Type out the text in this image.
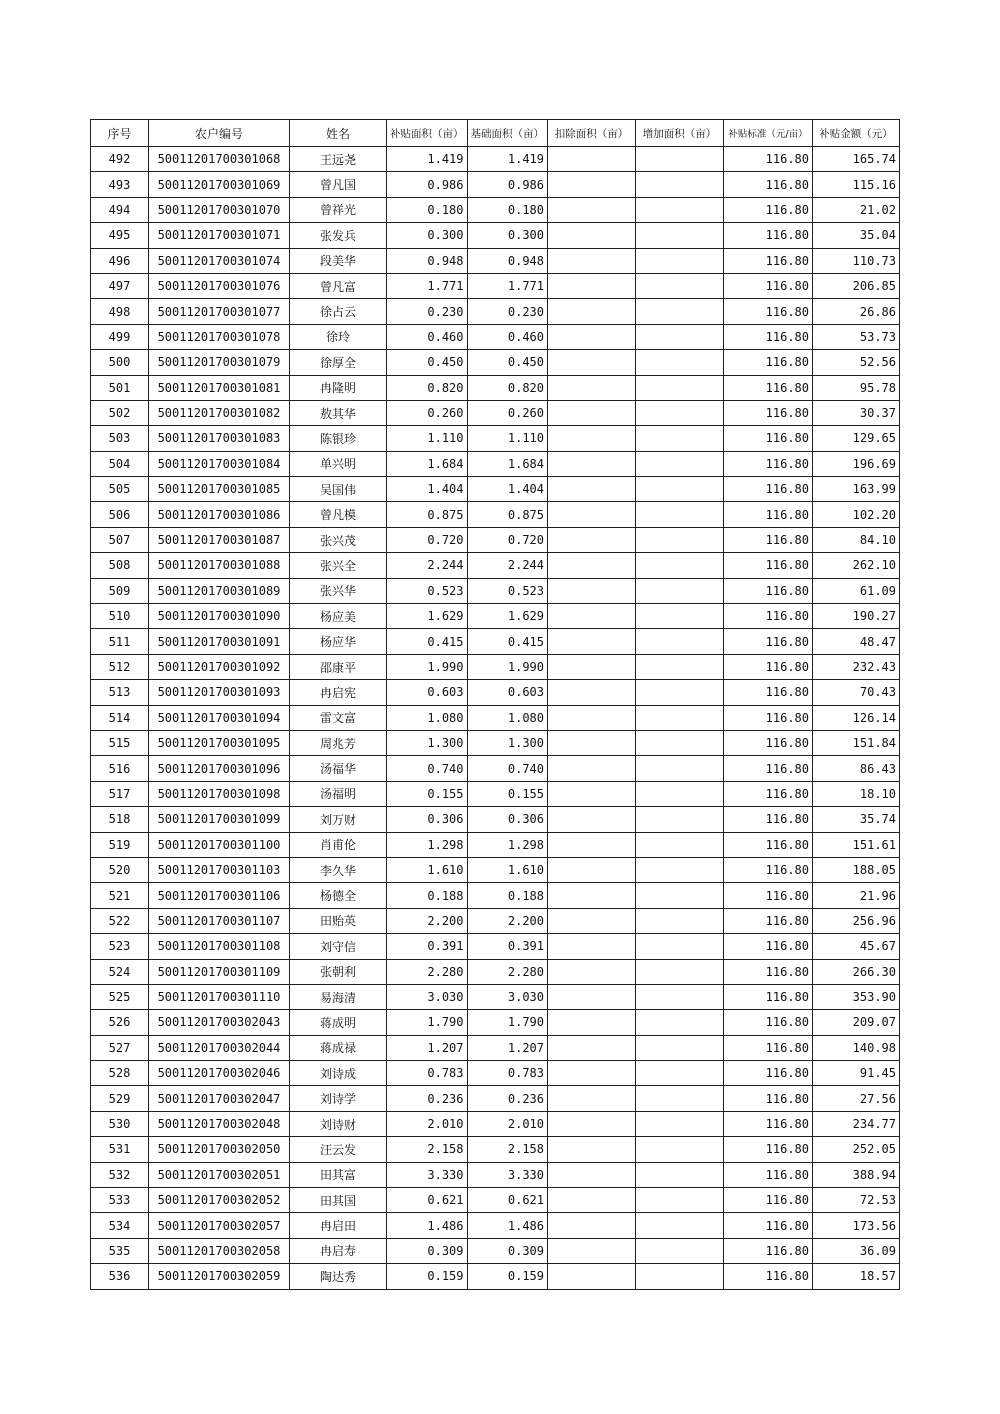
序号	农户编号	姓名	补贴面积（亩）	基础面积（亩）	扣除面积（亩）	增加面积（亩）	补贴标准（元/亩）	补贴金额（元）
492	50011201700301068	王远尧	1.419	1.419			116.80	165.74
493	50011201700301069	曾凡国	0.986	0.986			116.80	115.16
494	50011201700301070	曾祥光	0.180	0.180			116.80	21.02
495	50011201700301071	张发兵	0.300	0.300			116.80	35.04
496	50011201700301074	段美华	0.948	0.948			116.80	110.73
497	50011201700301076	曾凡富	1.771	1.771			116.80	206.85
498	50011201700301077	徐占云	0.230	0.230			116.80	26.86
499	50011201700301078	徐玲	0.460	0.460			116.80	53.73
500	50011201700301079	徐厚全	0.450	0.450			116.80	52.56
501	50011201700301081	冉隆明	0.820	0.820			116.80	95.78
502	50011201700301082	敖其华	0.260	0.260			116.80	30.37
503	50011201700301083	陈银珍	1.110	1.110			116.80	129.65
504	50011201700301084	单兴明	1.684	1.684			116.80	196.69
505	50011201700301085	吴国伟	1.404	1.404			116.80	163.99
506	50011201700301086	曾凡模	0.875	0.875			116.80	102.20
507	50011201700301087	张兴茂	0.720	0.720			116.80	84.10
508	50011201700301088	张兴全	2.244	2.244			116.80	262.10
509	50011201700301089	张兴华	0.523	0.523			116.80	61.09
510	50011201700301090	杨应美	1.629	1.629			116.80	190.27
511	50011201700301091	杨应华	0.415	0.415			116.80	48.47
512	50011201700301092	邵康平	1.990	1.990			116.80	232.43
513	50011201700301093	冉启宪	0.603	0.603			116.80	70.43
514	50011201700301094	雷文富	1.080	1.080			116.80	126.14
515	50011201700301095	周兆芳	1.300	1.300			116.80	151.84
516	50011201700301096	汤福华	0.740	0.740			116.80	86.43
517	50011201700301098	汤福明	0.155	0.155			116.80	18.10
518	50011201700301099	刘万财	0.306	0.306			116.80	35.74
519	50011201700301100	肖甫伦	1.298	1.298			116.80	151.61
520	50011201700301103	李久华	1.610	1.610			116.80	188.05
521	50011201700301106	杨德全	0.188	0.188			116.80	21.96
522	50011201700301107	田贻英	2.200	2.200			116.80	256.96
523	50011201700301108	刘守信	0.391	0.391			116.80	45.67
524	50011201700301109	张朝利	2.280	2.280			116.80	266.30
525	50011201700301110	易海清	3.030	3.030			116.80	353.90
526	50011201700302043	蒋成明	1.790	1.790			116.80	209.07
527	50011201700302044	蒋成禄	1.207	1.207			116.80	140.98
528	50011201700302046	刘诗成	0.783	0.783			116.80	91.45
529	50011201700302047	刘诗学	0.236	0.236			116.80	27.56
530	50011201700302048	刘诗财	2.010	2.010			116.80	234.77
531	50011201700302050	汪云发	2.158	2.158			116.80	252.05
532	50011201700302051	田其富	3.330	3.330			116.80	388.94
533	50011201700302052	田其国	0.621	0.621			116.80	72.53
534	50011201700302057	冉启田	1.486	1.486			116.80	173.56
535	50011201700302058	冉启寿	0.309	0.309			116.80	36.09
536	50011201700302059	陶达秀	0.159	0.159			116.80	18.57
